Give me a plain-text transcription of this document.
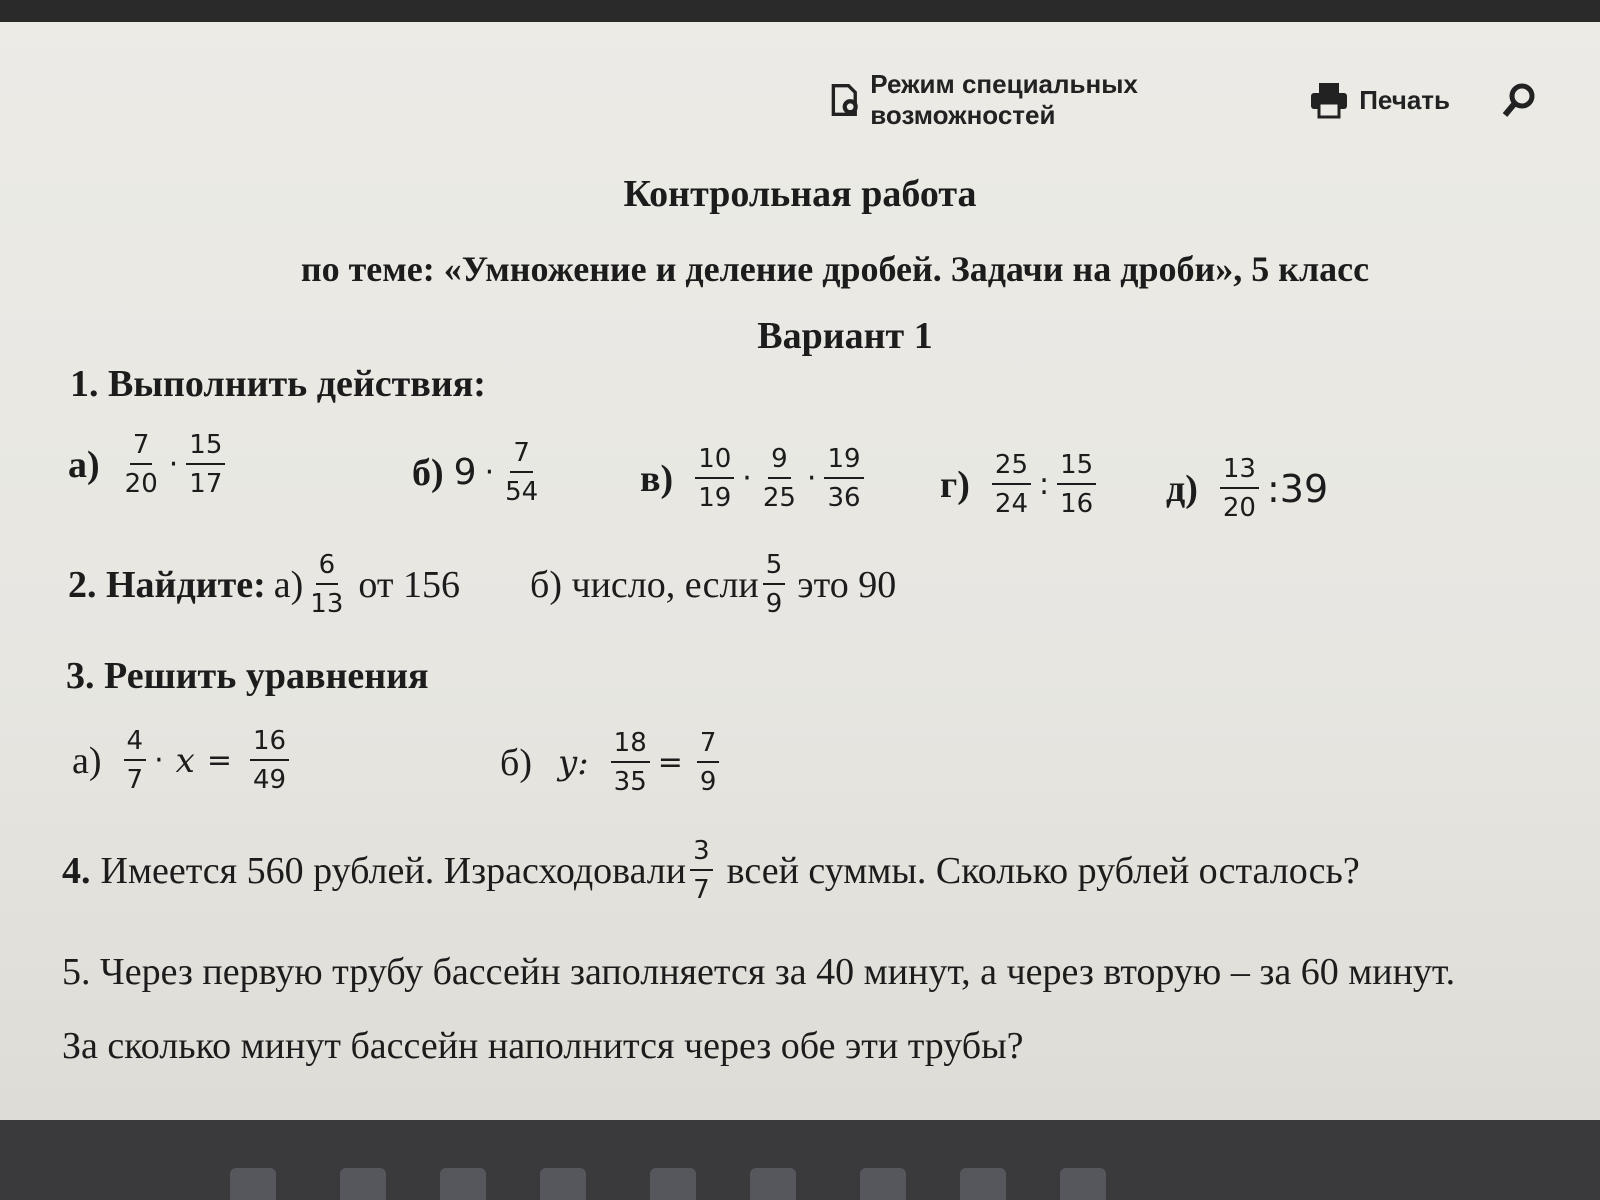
Режим специальных возможностей
Печать
Контрольная работа
по теме: «Умножение и деление дробей. Задачи на дроби», 5 класс
Вариант 1
1. Выполнить действия:
$а) \frac{7}{20} \cdot \frac{15}{17}$	б) $9 \cdot \frac{7}{54}$	$в) \frac{10}{19} \cdot \frac{9}{25} \cdot \frac{19}{36} г) \frac{25}{24}$ : $\frac{15}{16} д) \frac{13}{20}$ :39
2. Найдите: $а) \frac{6}{13}$ от 156 б) число, если $\frac{5}{9}$ это 90
3. Решить уравнения
$а) \frac{4}{7} \cdot x = \frac{16}{49}$	б) y: $\frac{18}{35} = \frac{7}{9}$
4. Имеется 560 рублей. Израсходовали $\frac{3}{7}$ всей суммы. Сколько рублей осталось?
5. Через первую трубу бассейн заполняется за 40 минут, а через вторую – за 60 минут.
За сколько минут бассейн наполнится через обе эти трубы?
